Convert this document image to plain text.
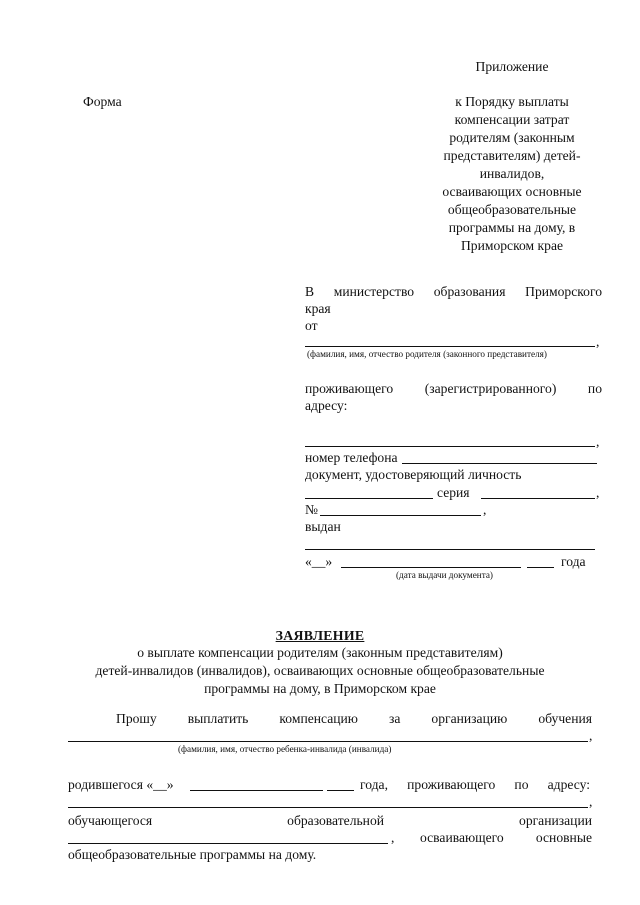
Приложение
Форма	к Порядку выплаты
компенсации затрат
родителям (законным
представителям) детей-
инвалидов,
осваивающих основные
общеобразовательные
программы на дому, в
Приморском крае
В министерство образования Приморского
края
от
,
(фамилия, имя, отчество родителя (законного представителя)
проживающего (зарегистрированного) по
адресу:
,
номер телефона
документ, удостоверяющий личность
серия	,
№	,
выдан
«__»	года
(дата выдачи документа)
ЗАЯВЛЕНИЕ
о выплате компенсации родителям (законным представителям)
детей-инвалидов (инвалидов), осваивающих основные общеобразовательные
программы на дому, в Приморском крае
Прошу выплатить компенсацию за организацию обучения
,
(фамилия, имя, отчество ребенка-инвалида (инвалида)
родившегося «__»	года, проживающего по адресу:
,
обучающегося образовательной организации
, осваивающего основные
общеобразовательные программы на дому.
